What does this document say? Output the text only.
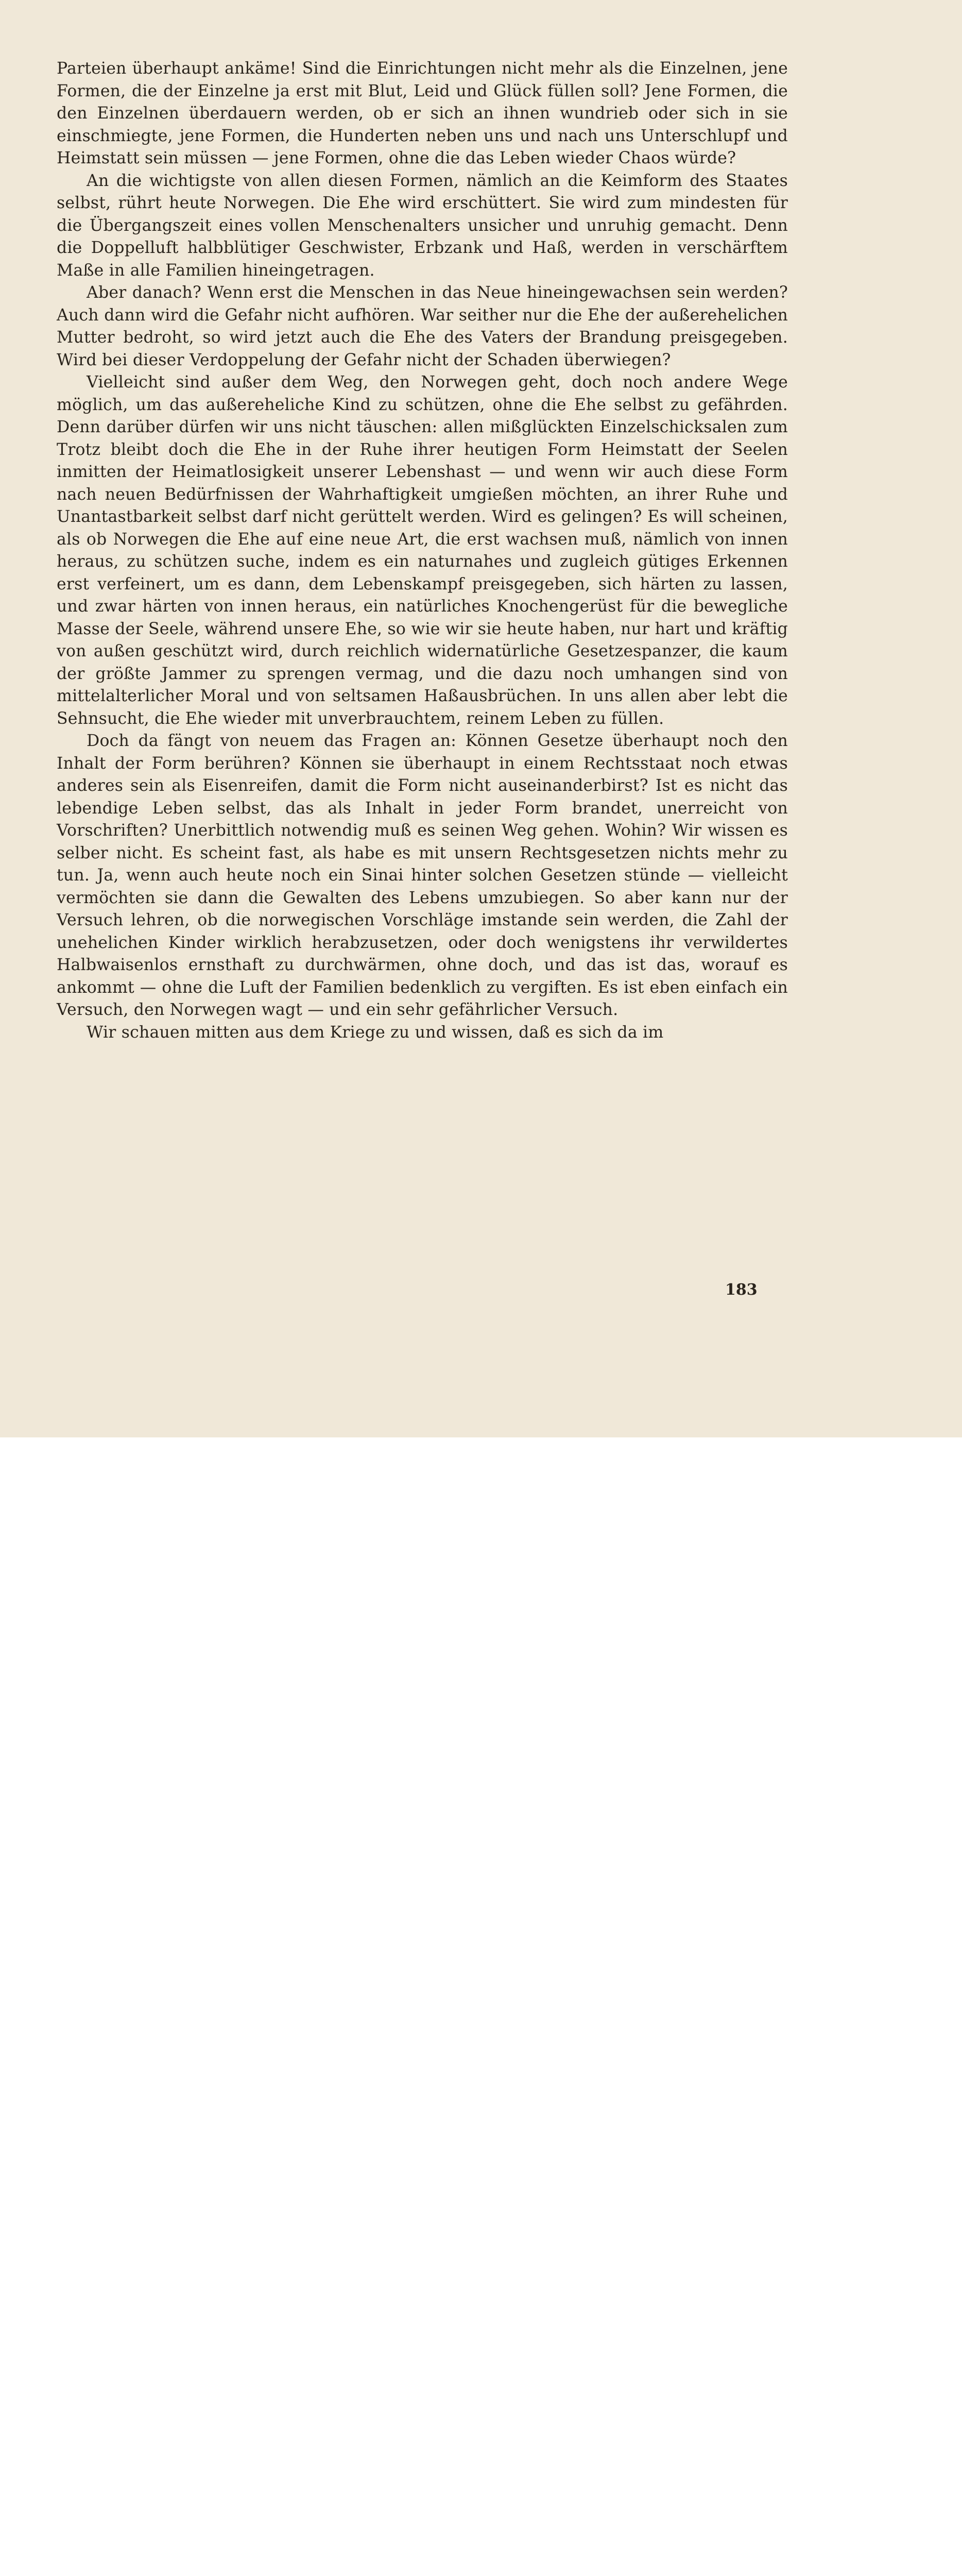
Parteien überhaupt ankäme! Sind die Einrichtungen nicht mehr als die Einzelnen, jene Formen, die der Einzelne ja erst mit Blut, Leid und Glück füllen soll? Jene Formen, die den Einzelnen überdauern werden, ob er sich an ihnen wundrieb oder sich in sie einschmiegte, jene Formen, die Hunderten neben uns und nach uns Unterschlupf und Heimstatt sein müssen — jene Formen, ohne die das Leben wieder Chaos würde?

An die wichtigste von allen diesen Formen, nämlich an die Keimform des Staates selbst, rührt heute Norwegen. Die Ehe wird erschüttert. Sie wird zum mindesten für die Übergangszeit eines vollen Menschenalters unsicher und unruhig gemacht. Denn die Doppelluft halbblütiger Geschwister, Erbzank und Haß, werden in verschärftem Maße in alle Familien hineingetragen.

Aber danach? Wenn erst die Menschen in das Neue hineingewachsen sein werden? Auch dann wird die Gefahr nicht aufhören. War seither nur die Ehe der außerehelichen Mutter bedroht, so wird jetzt auch die Ehe des Vaters der Brandung preisgegeben. Wird bei dieser Verdoppelung der Gefahr nicht der Schaden überwiegen?

Vielleicht sind außer dem Weg, den Norwegen geht, doch noch andere Wege möglich, um das außereheliche Kind zu schützen, ohne die Ehe selbst zu gefährden. Denn darüber dürfen wir uns nicht täuschen: allen mißglückten Einzelschicksalen zum Trotz bleibt doch die Ehe in der Ruhe ihrer heutigen Form Heimstatt der Seelen inmitten der Heimatlosigkeit unserer Lebenshast — und wenn wir auch diese Form nach neuen Bedürfnissen der Wahrhaftigkeit umgießen möchten, an ihrer Ruhe und Unantastbarkeit selbst darf nicht gerüttelt werden. Wird es gelingen? Es will scheinen, als ob Norwegen die Ehe auf eine neue Art, die erst wachsen muß, nämlich von innen heraus, zu schützen suche, indem es ein naturnahes und zugleich gütiges Erkennen erst verfeinert, um es dann, dem Lebenskampf preisgegeben, sich härten zu lassen, und zwar härten von innen heraus, ein natürliches Knochengerüst für die bewegliche Masse der Seele, während unsere Ehe, so wie wir sie heute haben, nur hart und kräftig von außen geschützt wird, durch reichlich widernatürliche Gesetzespanzer, die kaum der größte Jammer zu sprengen vermag, und die dazu noch umhangen sind von mittelalterlicher Moral und von seltsamen Haßausbrüchen. In uns allen aber lebt die Sehnsucht, die Ehe wieder mit unverbrauchtem, reinem Leben zu füllen.

Doch da fängt von neuem das Fragen an: Können Gesetze überhaupt noch den Inhalt der Form berühren? Können sie überhaupt in einem Rechtsstaat noch etwas anderes sein als Eisenreifen, damit die Form nicht auseinanderbirst? Ist es nicht das lebendige Leben selbst, das als Inhalt in jeder Form brandet, unerreicht von Vorschriften? Unerbittlich notwendig muß es seinen Weg gehen. Wohin? Wir wissen es selber nicht. Es scheint fast, als habe es mit unsern Rechtsgesetzen nichts mehr zu tun. Ja, wenn auch heute noch ein Sinai hinter solchen Gesetzen stünde — vielleicht vermöchten sie dann die Gewalten des Lebens umzubiegen. So aber kann nur der Versuch lehren, ob die norwegischen Vorschläge imstande sein werden, die Zahl der unehelichen Kinder wirklich herabzusetzen, oder doch wenigstens ihr verwildertes Halbwaisenlos ernsthaft zu durchwärmen, ohne doch, und das ist das, worauf es ankommt — ohne die Luft der Familien bedenklich zu vergiften. Es ist eben einfach ein Versuch, den Norwegen wagt — und ein sehr gefährlicher Versuch.

Wir schauen mitten aus dem Kriege zu und wissen, daß es sich da im

183
